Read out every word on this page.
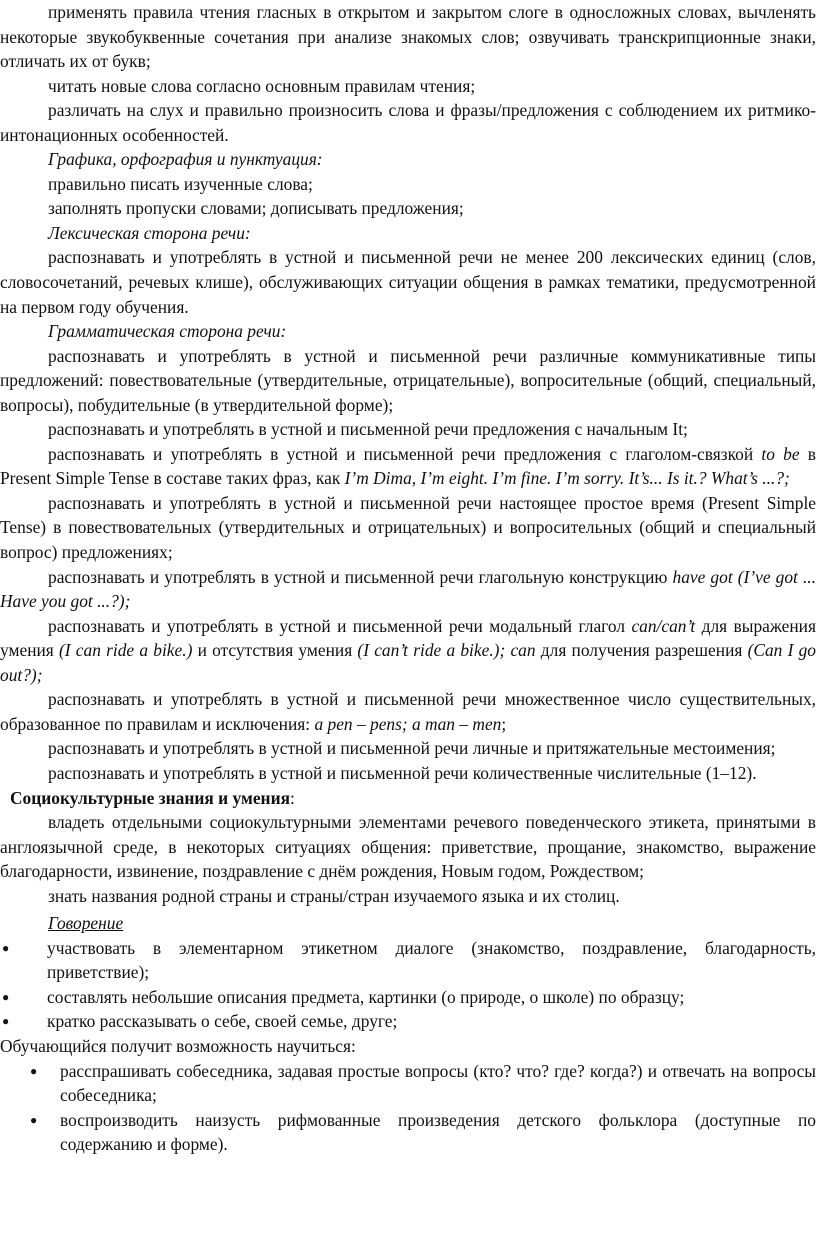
применять правила чтения гласных в открытом и закрытом слоге в односложных словах, вычленять некоторые звукобуквенные сочетания при анализе знакомых слов; озвучивать транскрипционные знаки, отличать их от букв;

читать новые слова согласно основным правилам чтения;

различать на слух и правильно произносить слова и фразы/предложения с соблюдением их ритмико-интонационных особенностей.

Графика, орфография и пунктуация:

правильно писать изученные слова;

заполнять пропуски словами; дописывать предложения;

Лексическая сторона речи:

распознавать и употреблять в устной и письменной речи не менее 200 лексических единиц (слов, словосочетаний, речевых клише), обслуживающих ситуации общения в рамках тематики, предусмотренной на первом году обучения.

Грамматическая сторона речи:

распознавать и употреблять в устной и письменной речи различные коммуникативные типы предложений: повествовательные (утвердительные, отрицательные), вопросительные (общий, специальный, вопросы), побудительные (в утвердительной форме);

распознавать и употреблять в устной и письменной речи предложения с начальным It;

распознавать и употреблять в устной и письменной речи предложения с глаголом-связкой to be в Present Simple Tense в составе таких фраз, как I’m Dima, I’m eight. I’m fine. I’m sorry. It’s... Is it.? What’s ...?;

распознавать и употреблять в устной и письменной речи настоящее простое время (Present Simple Tense) в повествовательных (утвердительных и отрицательных) и вопросительных (общий и специальный вопрос) предложениях;

распознавать и употреблять в устной и письменной речи глагольную конструкцию have got (I’ve got ... Have you got ...?);

распознавать и употреблять в устной и письменной речи модальный глагол can/can’t для выражения умения (I can ride a bike.) и отсутствия умения (I can’t ride a bike.); can для получения разрешения (Can I go out?);

распознавать и употреблять в устной и письменной речи множественное число существительных, образованное по правилам и исключения: a pen – pens; a man – men;

распознавать и употреблять в устной и письменной речи личные и притяжательные местоимения;

распознавать и употреблять в устной и письменной речи количественные числительные (1–12).

Социокультурные знания и умения:

владеть отдельными социокультурными элементами речевого поведенческого этикета, принятыми в англоязычной среде, в некоторых ситуациях общения: приветствие, прощание, знакомство, выражение благодарности, извинение, поздравление с днём рождения, Новым годом, Рождеством;

знать названия родной страны и страны/стран изучаемого языка и их столиц.

Говорение

● участвовать в элементарном этикетном диалоге (знакомство, поздравление, благодарность, приветствие);
● составлять небольшие описания предмета, картинки (о природе, о школе) по образцу;
● кратко рассказывать о себе, своей семье, друге;

Обучающийся получит возможность научиться:

● расспрашивать собеседника, задавая простые вопросы (кто? что? где? когда?) и отвечать на вопросы собеседника;
● воспроизводить наизусть рифмованные произведения детского фольклора (доступные по содержанию и форме).
